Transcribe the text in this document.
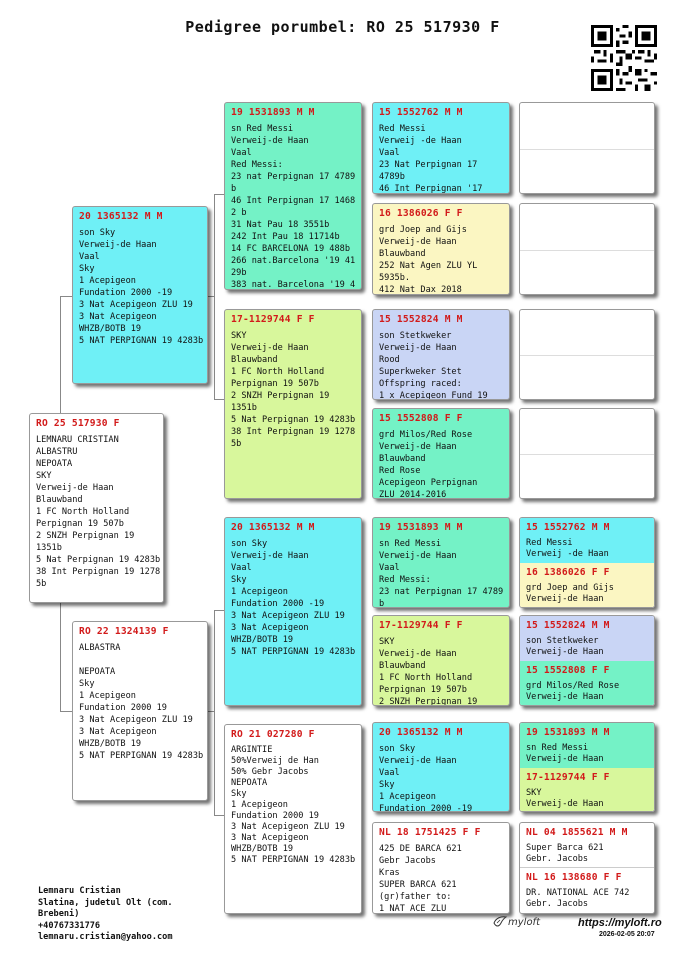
Pedigree porumbel: RO 25 517930 F
RO 25 517930 F
LEMNARU CRISTIAN
ALBASTRU
NEPOATA
SKY
Verweij-de Haan
Blauwband
1 FC North Holland
Perpignan 19 507b
2 SNZH Perpignan 19
1351b
5 Nat Perpignan 19 4283b
38 Int Perpignan 19 1278
5b
20 1365132 M M
son Sky
Verweij-de Haan
Vaal
Sky
1 Acepigeon
Fundation 2000 -19
3 Nat Acepigeon ZLU 19
3 Nat Acepigeon
WHZB/BOTB 19
5 NAT PERPIGNAN 19 4283b
RO 22 1324139 F
ALBASTRA

NEPOATA
Sky
1 Acepigeon
Fundation 2000 19
3 Nat Acepigeon ZLU 19
3 Nat Acepigeon
WHZB/BOTB 19
5 NAT PERPIGNAN 19 4283b
19 1531893 M M
sn Red Messi
Verweij-de Haan
Vaal
Red Messi:
23 nat Perpignan 17 4789
b
46 Int Perpignan 17 1468
2 b
31 Nat Pau 18 3551b
242 Int Pau 18 11714b
14 FC BARCELONA 19 488b
266 nat.Barcelona '19 41
29b
383 nat. Barcelona '19 4
17-1129744 F F
SKY
Verweij-de Haan
Blauwband
1 FC North Holland
Perpignan 19 507b
2 SNZH Perpignan 19
1351b
5 Nat Perpignan 19 4283b
38 Int Perpignan 19 1278
5b
20 1365132 M M
son Sky
Verweij-de Haan
Vaal
Sky
1 Acepigeon
Fundation 2000 -19
3 Nat Acepigeon ZLU 19
3 Nat Acepigeon
WHZB/BOTB 19
5 NAT PERPIGNAN 19 4283b
RO 21 027280 F
ARGINTIE
50%Verweij de Han
50% Gebr Jacobs
NEPOATA
Sky
1 Acepigeon
Fundation 2000 19
3 Nat Acepigeon ZLU 19
3 Nat Acepigeon
WHZB/BOTB 19
5 NAT PERPIGNAN 19 4283b
15 1552762 M M
Red Messi
Verweij -de Haan
Vaal
23 Nat Perpignan 17
4789b
46 Int Perpignan '17
16 1386026 F F
grd Joep and Gijs
Verweij-de Haan
Blauwband
252 Nat Agen ZLU YL
5935b.
412 Nat Dax 2018
15 1552824 M M
son Stetkweker
Verweij-de Haan
Rood
Superkweker Stet
Offspring raced:
1 x Acepigeon Fund 19
15 1552808 F F
grd Milos/Red Rose
Verweij-de Haan
Blauwband
Red Rose
Acepigeon Perpignan
ZLU 2014-2016
19 1531893 M M
sn Red Messi
Verweij-de Haan
Vaal
Red Messi:
23 nat Perpignan 17 4789
b
17-1129744 F F
SKY
Verweij-de Haan
Blauwband
1 FC North Holland
Perpignan 19 507b
2 SNZH Perpignan 19
20 1365132 M M
son Sky
Verweij-de Haan
Vaal
Sky
1 Acepigeon
Fundation 2000 -19
NL 18 1751425 F F
425 DE BARCA 621
Gebr Jacobs
Kras
SUPER BARCA 621
(gr)father to:
1 NAT ACE ZLU
15 1552762 M M
Red Messi
Verweij -de Haan
16 1386026 F F
grd Joep and Gijs
Verweij-de Haan
15 1552824 M M
son Stetkweker
Verweij-de Haan
15 1552808 F F
grd Milos/Red Rose
Verweij-de Haan
19 1531893 M M
sn Red Messi
Verweij-de Haan
17-1129744 F F
SKY
Verweij-de Haan
NL 04 1855621 M M
Super Barca 621
Gebr. Jacobs
NL 16 138680 F F
DR. NATIONAL ACE 742
Gebr. Jacobs
Lemnaru Cristian
Slatina, judetul Olt (com.
Brebeni)
+40767331776
lemnaru.cristian@yahoo.com
myloft	https://myloft.ro
2026-02-05 20:07
